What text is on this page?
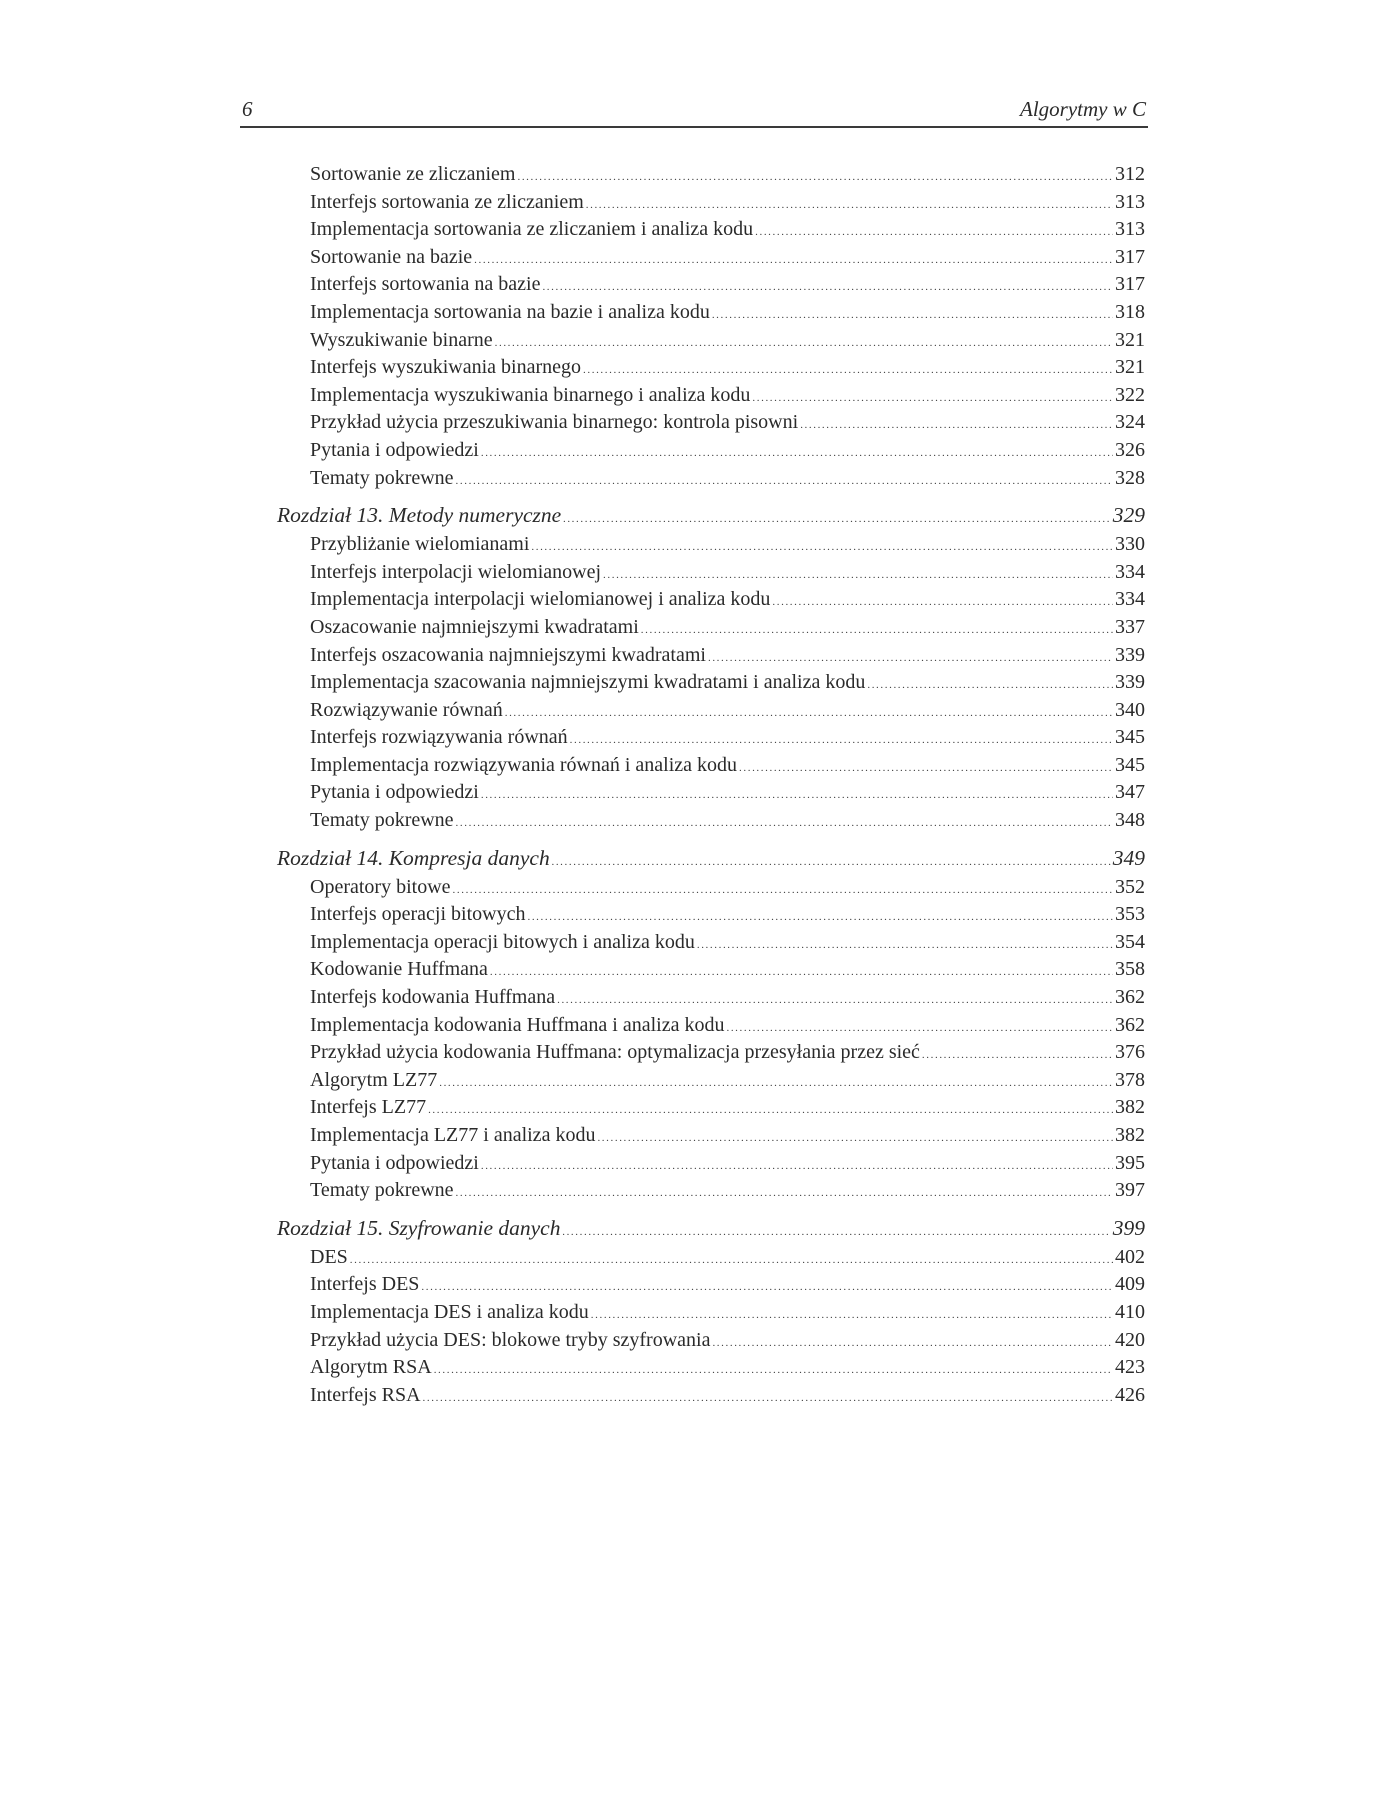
6	Algorytmy w C
Sortowanie ze zliczaniem .....	312
Interfejs sortowania ze zliczaniem .....	313
Implementacja sortowania ze zliczaniem i analiza kodu .....	313
Sortowanie na bazie .....	317
Interfejs sortowania na bazie .....	317
Implementacja sortowania na bazie i analiza kodu .....	318
Wyszukiwanie binarne .....	321
Interfejs wyszukiwania binarnego .....	321
Implementacja wyszukiwania binarnego i analiza kodu .....	322
Przykład użycia przeszukiwania binarnego: kontrola pisowni .....	324
Pytania i odpowiedzi .....	326
Tematy pokrewne .....	328
Rozdział 13. Metody numeryczne .....	329
Przybliżanie wielomianami .....	330
Interfejs interpolacji wielomianowej .....	334
Implementacja interpolacji wielomianowej i analiza kodu .....	334
Oszacowanie najmniejszymi kwadratami .....	337
Interfejs oszacowania najmniejszymi kwadratami .....	339
Implementacja szacowania najmniejszymi kwadratami i analiza kodu .....	339
Rozwiązywanie równań .....	340
Interfejs rozwiązywania równań .....	345
Implementacja rozwiązywania równań i analiza kodu .....	345
Pytania i odpowiedzi .....	347
Tematy pokrewne .....	348
Rozdział 14. Kompresja danych .....	349
Operatory bitowe .....	352
Interfejs operacji bitowych .....	353
Implementacja operacji bitowych i analiza kodu .....	354
Kodowanie Huffmana .....	358
Interfejs kodowania Huffmana .....	362
Implementacja kodowania Huffmana i analiza kodu .....	362
Przykład użycia kodowania Huffmana: optymalizacja przesyłania przez sieć .....	376
Algorytm LZ77 .....	378
Interfejs LZ77 .....	382
Implementacja LZ77 i analiza kodu .....	382
Pytania i odpowiedzi .....	395
Tematy pokrewne .....	397
Rozdział 15. Szyfrowanie danych .....	399
DES .....	402
Interfejs DES .....	409
Implementacja DES i analiza kodu .....	410
Przykład użycia DES: blokowe tryby szyfrowania .....	420
Algorytm RSA .....	423
Interfejs RSA .....	426
